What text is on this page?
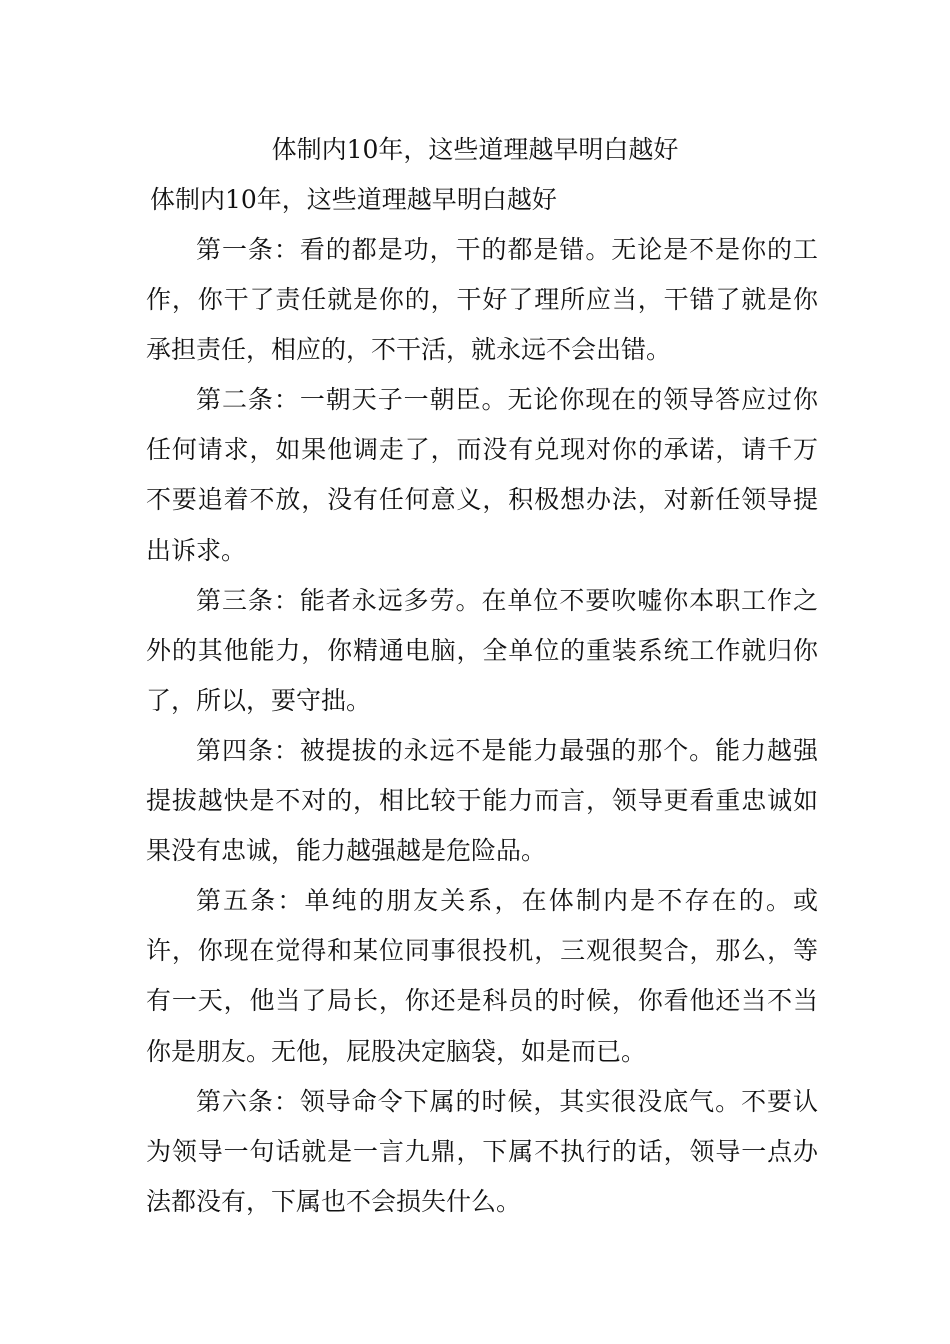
体制内10年，这些道理越早明白越好
体制内10年，这些道理越早明白越好

第一条：看的都是功，干的都是错。无论是不是你的工作，你干了责任就是你的，干好了理所应当，干错了就是你承担责任，相应的，不干活，就永远不会出错。

第二条：一朝天子一朝臣。无论你现在的领导答应过你任何请求，如果他调走了，而没有兑现对你的承诺，请千万不要追着不放，没有任何意义，积极想办法，对新任领导提出诉求。

第三条：能者永远多劳。在单位不要吹嘘你本职工作之外的其他能力，你精通电脑，全单位的重装系统工作就归你了，所以，要守拙。

第四条：被提拔的永远不是能力最强的那个。能力越强提拔越快是不对的，相比较于能力而言，领导更看重忠诚如果没有忠诚，能力越强越是危险品。

第五条：单纯的朋友关系，在体制内是不存在的。或许，你现在觉得和某位同事很投机，三观很契合，那么，等有一天，他当了局长，你还是科员的时候，你看他还当不当你是朋友。无他，屁股决定脑袋，如是而已。

第六条：领导命令下属的时候，其实很没底气。不要认为领导一句话就是一言九鼎，下属不执行的话，领导一点办法都没有，下属也不会损失什么。
